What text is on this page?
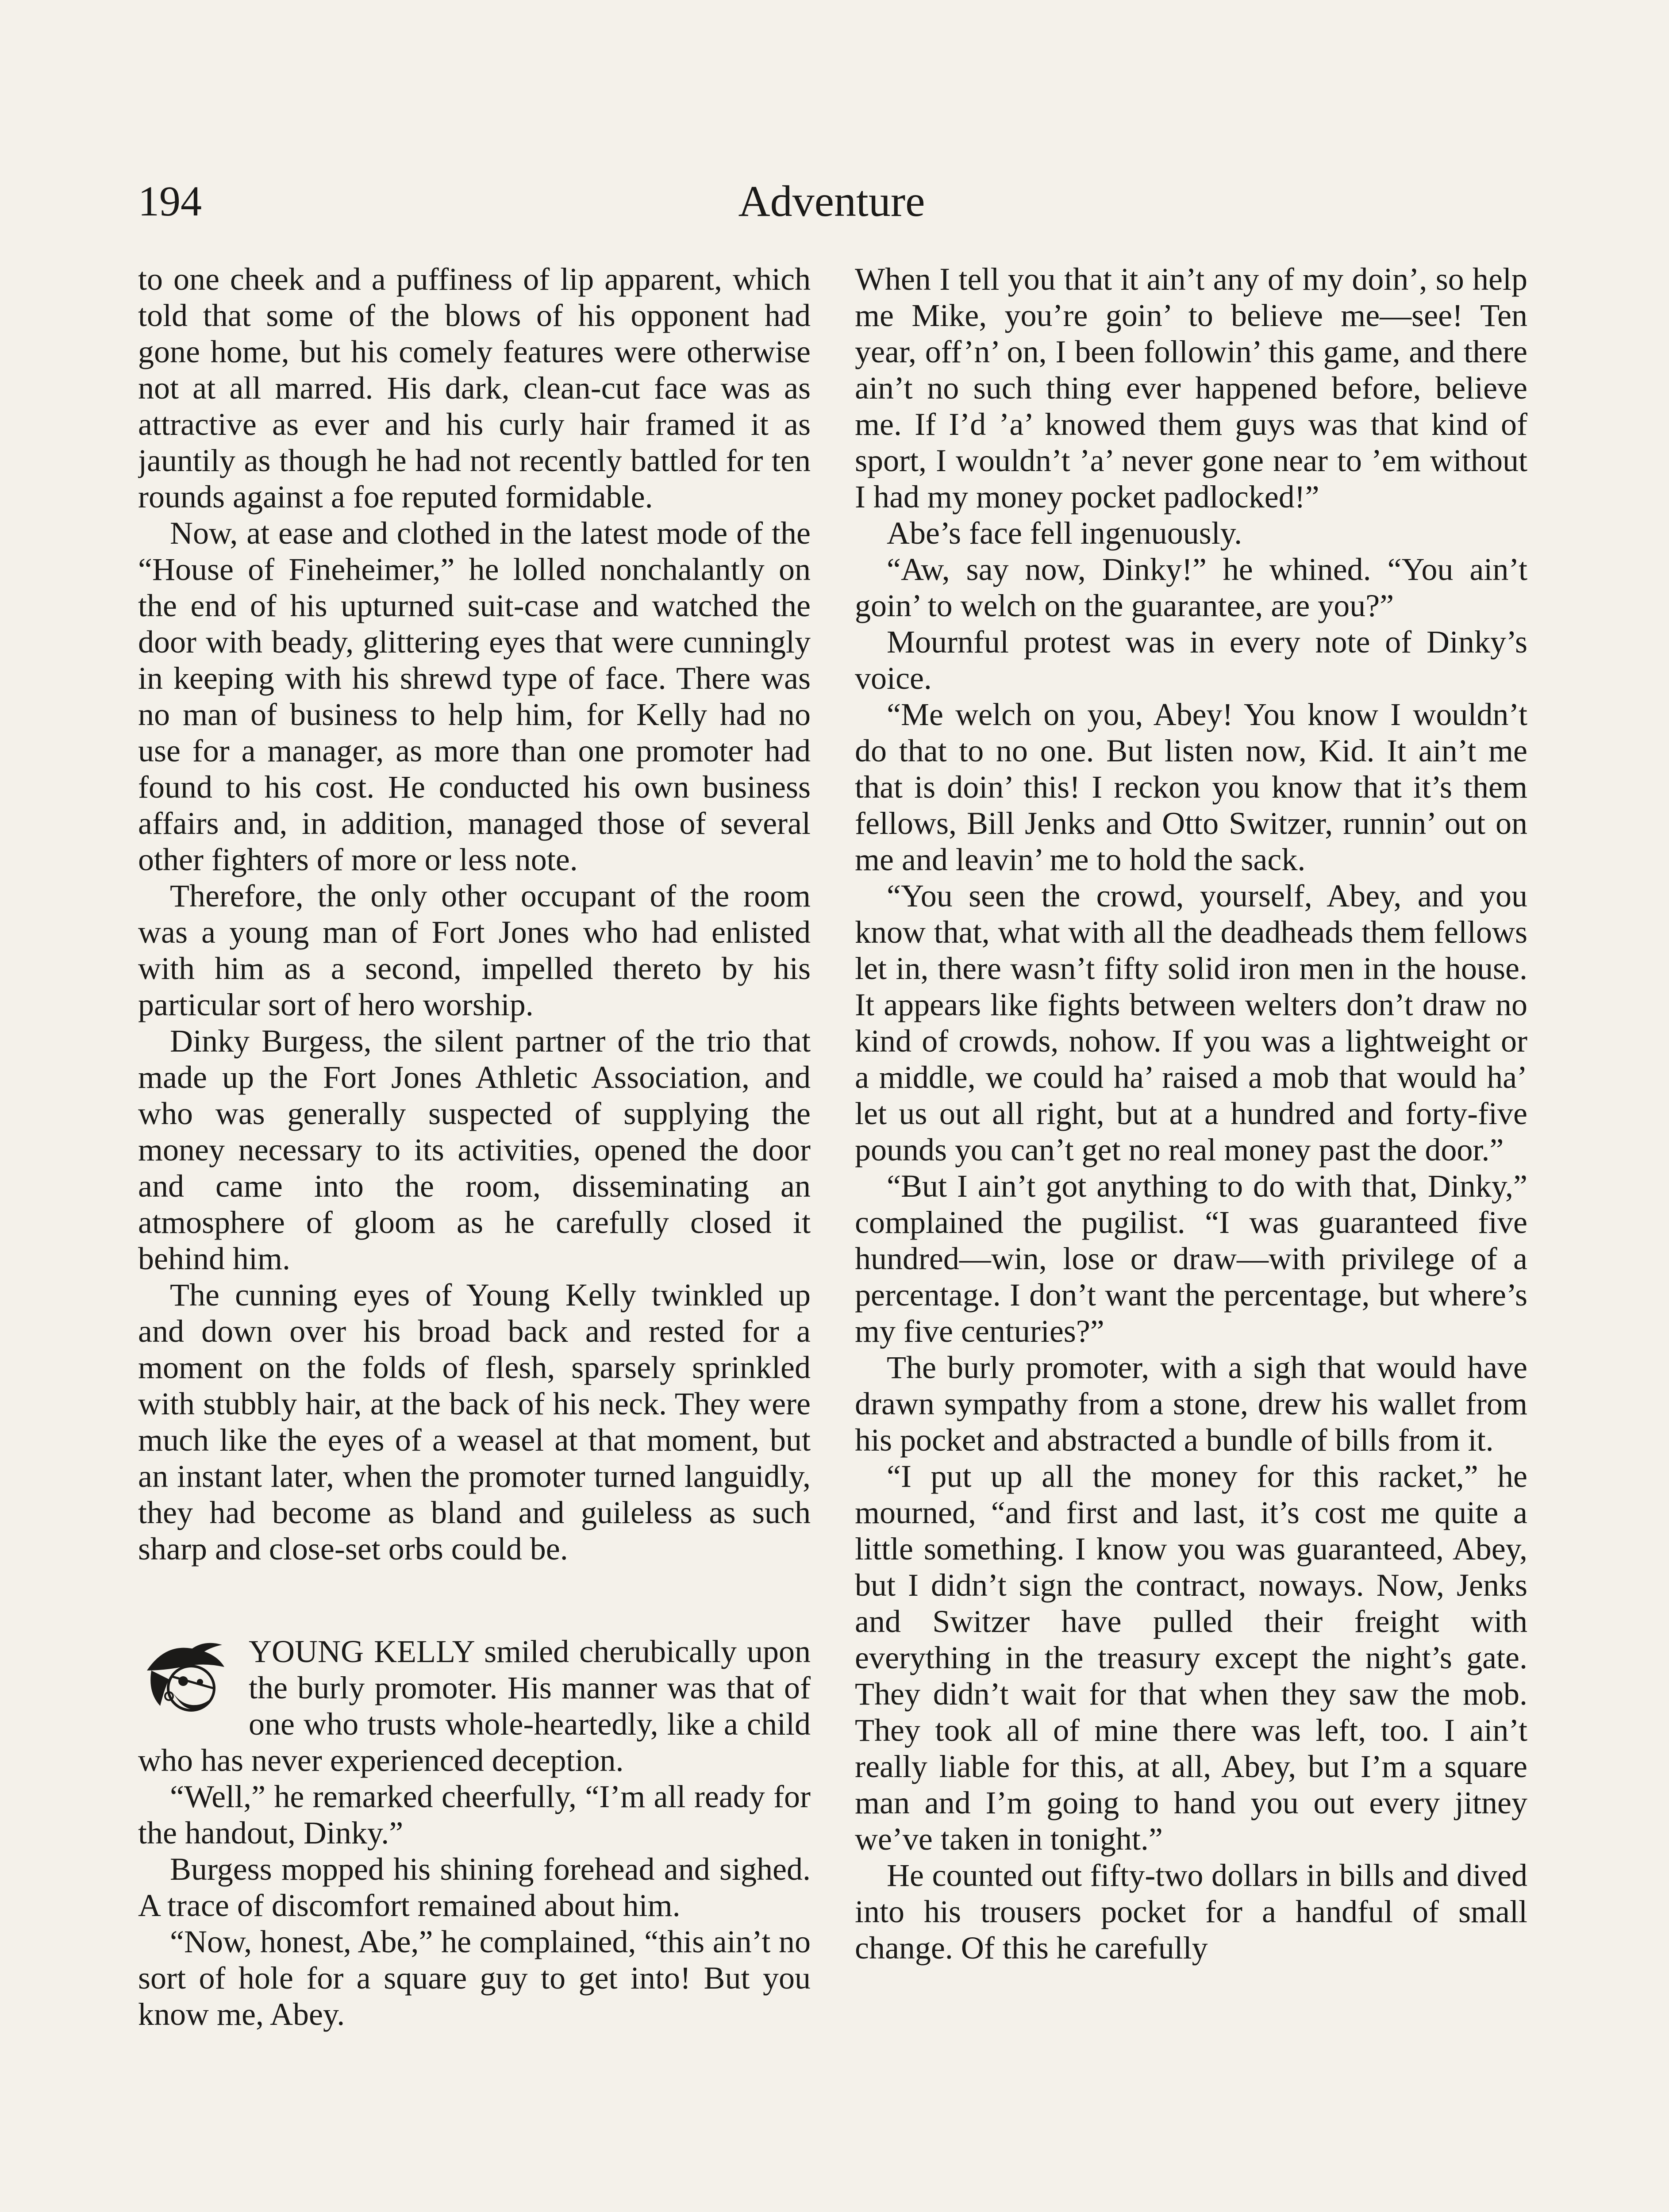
194	Adventure

to one cheek and a puffiness of lip apparent, which told that some of the blows of his opponent had gone home, but his comely features were otherwise not at all marred. His dark, clean-cut face was as attractive as ever and his curly hair framed it as jauntily as though he had not recently battled for ten rounds against a foe reputed formidable.

Now, at ease and clothed in the latest mode of the “House of Fineheimer,” he lolled nonchalantly on the end of his upturned suit-case and watched the door with beady, glittering eyes that were cunningly in keeping with his shrewd type of face. There was no man of business to help him, for Kelly had no use for a manager, as more than one promoter had found to his cost. He conducted his own business affairs and, in addition, managed those of several other fighters of more or less note.

Therefore, the only other occupant of the room was a young man of Fort Jones who had enlisted with him as a second, impelled thereto by his particular sort of hero worship.

Dinky Burgess, the silent partner of the trio that made up the Fort Jones Athletic Association, and who was generally suspected of supplying the money necessary to its activities, opened the door and came into the room, disseminating an atmosphere of gloom as he carefully closed it behind him.

The cunning eyes of Young Kelly twinkled up and down over his broad back and rested for a moment on the folds of flesh, sparsely sprinkled with stubbly hair, at the back of his neck. They were much like the eyes of a weasel at that moment, but an instant later, when the promoter turned languidly, they had become as bland and guileless as such sharp and close-set orbs could be.

YOUNG KELLY smiled cherubically upon the burly promoter. His manner was that of one who trusts whole-heartedly, like a child who has never experienced deception.

“Well,” he remarked cheerfully, “I’m all ready for the handout, Dinky.”

Burgess mopped his shining forehead and sighed. A trace of discomfort remained about him.

“Now, honest, Abe,” he complained, “this ain’t no sort of hole for a square guy to get into! But you know me, Abey.

When I tell you that it ain’t any of my doin’, so help me Mike, you’re goin’ to believe me—see! Ten year, off’n’ on, I been followin’ this game, and there ain’t no such thing ever happened before, believe me. If I’d ’a’ knowed them guys was that kind of sport, I wouldn’t ’a’ never gone near to ’em without I had my money pocket padlocked!”

Abe’s face fell ingenuously.

“Aw, say now, Dinky!” he whined. “You ain’t goin’ to welch on the guarantee, are you?”

Mournful protest was in every note of Dinky’s voice.

“Me welch on you, Abey! You know I wouldn’t do that to no one. But listen now, Kid. It ain’t me that is doin’ this! I reckon you know that it’s them fellows, Bill Jenks and Otto Switzer, runnin’ out on me and leavin’ me to hold the sack.

“You seen the crowd, yourself, Abey, and you know that, what with all the deadheads them fellows let in, there wasn’t fifty solid iron men in the house. It appears like fights between welters don’t draw no kind of crowds, nohow. If you was a lightweight or a middle, we could ha’ raised a mob that would ha’ let us out all right, but at a hundred and forty-five pounds you can’t get no real money past the door.”

“But I ain’t got anything to do with that, Dinky,” complained the pugilist. “I was guaranteed five hundred—win, lose or draw—with privilege of a percentage. I don’t want the percentage, but where’s my five centuries?”

The burly promoter, with a sigh that would have drawn sympathy from a stone, drew his wallet from his pocket and abstracted a bundle of bills from it.

“I put up all the money for this racket,” he mourned, “and first and last, it’s cost me quite a little something. I know you was guaranteed, Abey, but I didn’t sign the contract, noways. Now, Jenks and Switzer have pulled their freight with everything in the treasury except the night’s gate. They didn’t wait for that when they saw the mob. They took all of mine there was left, too. I ain’t really liable for this, at all, Abey, but I’m a square man and I’m going to hand you out every jitney we’ve taken in tonight.”

He counted out fifty-two dollars in bills and dived into his trousers pocket for a handful of small change. Of this he carefully
